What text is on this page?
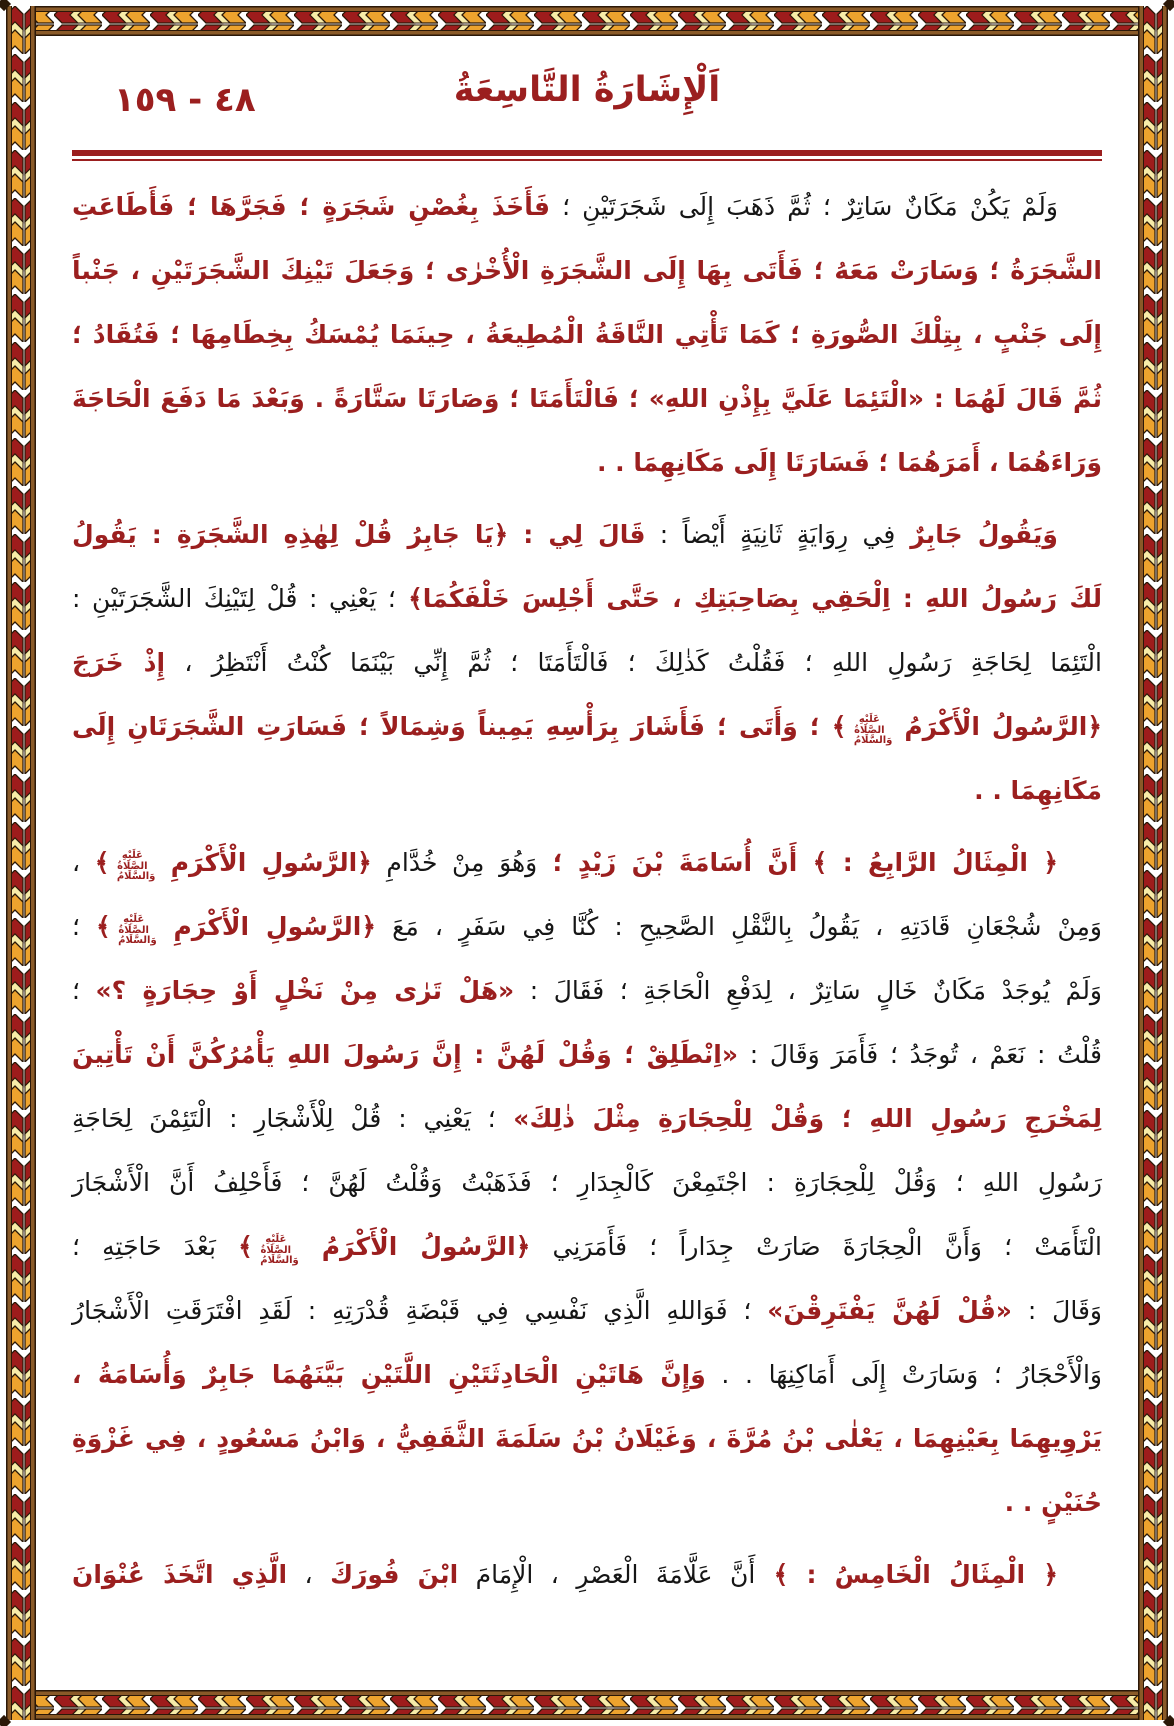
٤٨ - ١٥٩	اَلْإِشَارَةُ التَّاسِعَةُ
وَلَمْ يَكُنْ مَكَانٌ سَاتِرٌ ؛ ثُمَّ ذَهَبَ إِلَى شَجَرَتَيْنِ ؛ فَأَخَذَ بِغُصْنِ شَجَرَةٍ ؛ فَجَرَّهَا ؛ فَأَطَاعَتِ
الشَّجَرَةُ ؛ وَسَارَتْ مَعَهُ ؛ فَأَتَى بِهَا إِلَى الشَّجَرَةِ الْأُخْرٰى ؛ وَجَعَلَ تَيْنِكَ الشَّجَرَتَيْنِ ، جَنْباً
إِلَى جَنْبٍ ، بِتِلْكَ الصُّورَةِ ؛ كَمَا تَأْتِي النَّاقَةُ الْمُطِيعَةُ ، حِينَمَا يُمْسَكُ بِخِطَامِهَا ؛ فَتُقَادُ ؛
ثُمَّ قَالَ لَهُمَا : «الْتَئِمَا عَلَيَّ بِإِذْنِ اللهِ» ؛ فَالْتَأَمَتَا ؛ وَصَارَتَا سَتَّارَةً . وَبَعْدَ مَا دَفَعَ الْحَاجَةَ
وَرَاءَهُمَا ، أَمَرَهُمَا ؛ فَسَارَتَا إِلَى مَكَانِهِمَا . .
وَيَقُولُ جَابِرٌ فِي رِوَايَةٍ ثَانِيَةٍ أَيْضاً : قَالَ لِي : ﴿يَا جَابِرُ قُلْ لِهٰذِهِ الشَّجَرَةِ : يَقُولُ
لَكَ رَسُولُ اللهِ : اِلْحَقِي بِصَاحِبَتِكِ ، حَتَّى أَجْلِسَ خَلْفَكُمَا﴾ ؛ يَعْنِي : قُلْ لِتَيْنِكَ الشَّجَرَتَيْنِ :
الْتَئِمَا لِحَاجَةِ رَسُولِ اللهِ ؛ فَقُلْتُ كَذٰلِكَ ؛ فَالْتَأَمَتَا ؛ ثُمَّ إِنِّي بَيْنَمَا كُنْتُ أَنْتَظِرُ ، إِذْ خَرَجَ
﴿الرَّسُولُ الْأَكْرَمُ عَلَيْهِ الصَّلَاةُ وَالسَّلَامُ﴾ ؛ وَأَتَى ؛ فَأَشَارَ بِرَأْسِهِ يَمِيناً وَشِمَالاً ؛ فَسَارَتِ الشَّجَرَتَانِ إِلَى
مَكَانِهِمَا . .
﴿ الْمِثَالُ الرَّابِعُ : ﴾ أَنَّ أُسَامَةَ بْنَ زَيْدٍ ؛ وَهُوَ مِنْ خُدَّامِ ﴿الرَّسُولِ الْأَكْرَمِ عَلَيْهِ الصَّلَاةُ وَالسَّلَامُ﴾ ،
وَمِنْ شُجْعَانِ قَادَتِهِ ، يَقُولُ بِالنَّقْلِ الصَّحِيحِ : كُنَّا فِي سَفَرٍ ، مَعَ ﴿الرَّسُولِ الْأَكْرَمِ عَلَيْهِ الصَّلَاةُ وَالسَّلَامُ﴾ ؛
وَلَمْ يُوجَدْ مَكَانٌ خَالٍ سَاتِرٌ ، لِدَفْعِ الْحَاجَةِ ؛ فَقَالَ : «هَلْ تَرٰى مِنْ نَخْلٍ أَوْ حِجَارَةٍ ؟» ؛
قُلْتُ : نَعَمْ ، تُوجَدُ ؛ فَأَمَرَ وَقَالَ : «اِنْطَلِقْ ؛ وَقُلْ لَهُنَّ : إِنَّ رَسُولَ اللهِ يَأْمُرُكُنَّ أَنْ تَأْتِينَ
لِمَخْرَجِ رَسُولِ اللهِ ؛ وَقُلْ لِلْحِجَارَةِ مِثْلَ ذٰلِكَ» ؛ يَعْنِي : قُلْ لِلْأَشْجَارِ : الْتَئِمْنَ لِحَاجَةِ
رَسُولِ اللهِ ؛ وَقُلْ لِلْحِجَارَةِ : اجْتَمِعْنَ كَالْجِدَارِ ؛ فَذَهَبْتُ وَقُلْتُ لَهُنَّ ؛ فَأَحْلِفُ أَنَّ الْأَشْجَارَ
الْتَأَمَتْ ؛ وَأَنَّ الْحِجَارَةَ صَارَتْ جِدَاراً ؛ فَأَمَرَنِي ﴿الرَّسُولُ الْأَكْرَمُ عَلَيْهِ الصَّلَاةُ وَالسَّلَامُ﴾ بَعْدَ حَاجَتِهِ ؛
وَقَالَ : «قُلْ لَهُنَّ يَفْتَرِقْنَ» ؛ فَوَاللهِ الَّذِي نَفْسِي فِي قَبْضَةِ قُدْرَتِهِ : لَقَدِ افْتَرَقَتِ الْأَشْجَارُ
وَالْأَحْجَارُ ؛ وَسَارَتْ إِلَى أَمَاكِنِهَا . . وَإِنَّ هَاتَيْنِ الْحَادِثَتَيْنِ اللَّتَيْنِ بَيَّنَهُمَا جَابِرٌ وَأُسَامَةُ ،
يَرْوِيهِمَا بِعَيْنِهِمَا ، يَعْلٰى بْنُ مُرَّةَ ، وَغَيْلَانُ بْنُ سَلَمَةَ الثَّقَفِيُّ ، وَابْنُ مَسْعُودٍ ، فِي غَزْوَةِ
حُنَيْنٍ . .
﴿ الْمِثَالُ الْخَامِسُ : ﴾ أَنَّ عَلَّامَةَ الْعَصْرِ ، الْإِمَامَ ابْنَ فُورَكَ ، الَّذِي اتَّخَذَ عُنْوَانَ
